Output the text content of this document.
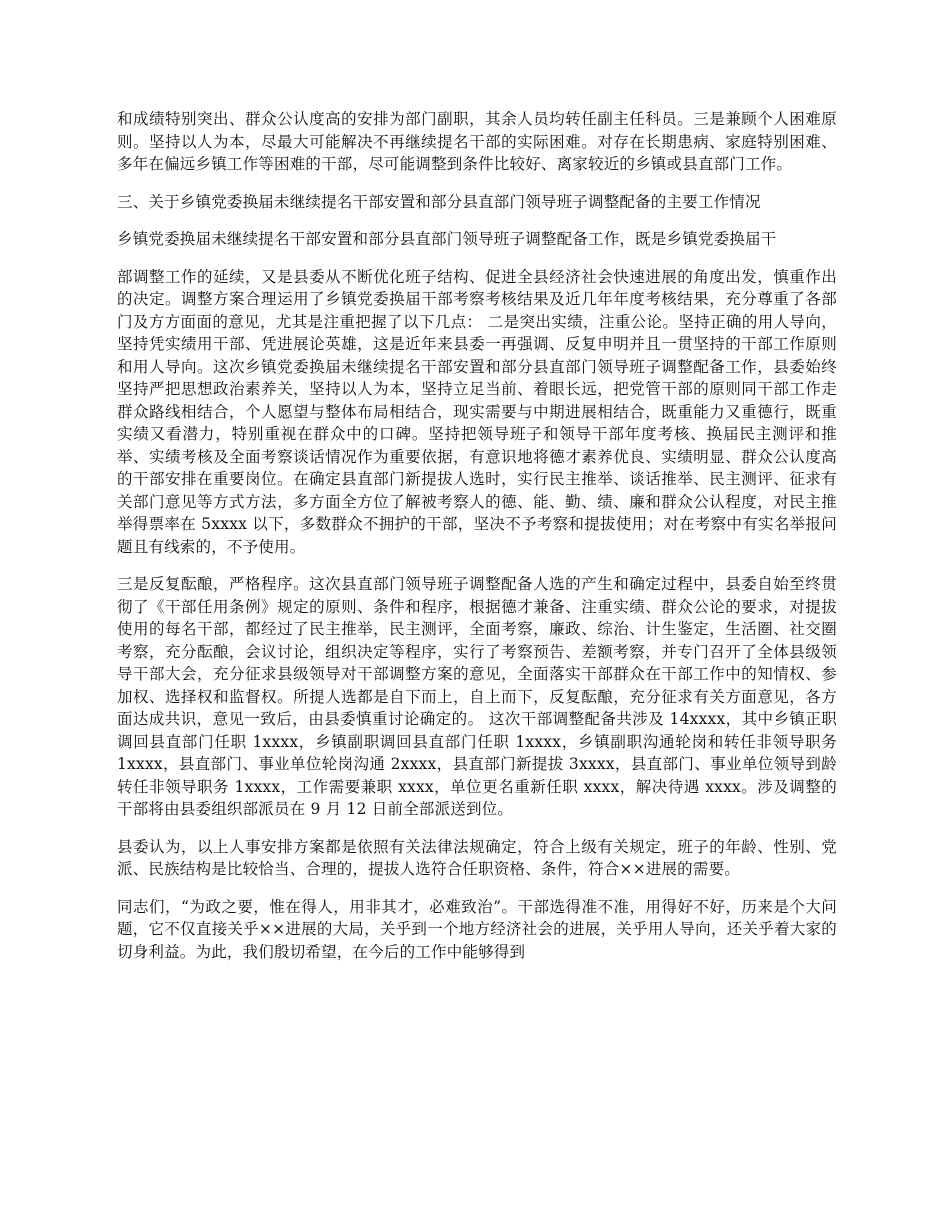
和成绩特别突出、群众公认度高的安排为部门副职，其余人员均转任副主任科员。三是兼顾个人困难原则。坚持以人为本，尽最大可能解决不再继续提名干部的实际困难。对存在长期患病、家庭特别困难、多年在偏远乡镇工作等困难的干部，尽可能调整到条件比较好、离家较近的乡镇或县直部门工作。

三、关于乡镇党委换届未继续提名干部安置和部分县直部门领导班子调整配备的主要工作情况

乡镇党委换届未继续提名干部安置和部分县直部门领导班子调整配备工作，既是乡镇党委换届干

部调整工作的延续，又是县委从不断优化班子结构、促进全县经济社会快速进展的角度出发，慎重作出的决定。调整方案合理运用了乡镇党委换届干部考察考核结果及近几年年度考核结果，充分尊重了各部门及方方面面的意见，尤其是注重把握了以下几点： 二是突出实绩，注重公论。坚持正确的用人导向，坚持凭实绩用干部、凭进展论英雄，这是近年来县委一再强调、反复申明并且一贯坚持的干部工作原则和用人导向。这次乡镇党委换届未继续提名干部安置和部分县直部门领导班子调整配备工作，县委始终坚持严把思想政治素养关，坚持以人为本，坚持立足当前、着眼长远，把党管干部的原则同干部工作走群众路线相结合，个人愿望与整体布局相结合，现实需要与中期进展相结合，既重能力又重德行，既重实绩又看潜力，特别重视在群众中的口碑。坚持把领导班子和领导干部年度考核、换届民主测评和推举、实绩考核及全面考察谈话情况作为重要依据，有意识地将德才素养优良、实绩明显、群众公认度高的干部安排在重要岗位。在确定县直部门新提拔人选时，实行民主推举、谈话推举、民主测评、征求有关部门意见等方式方法，多方面全方位了解被考察人的德、能、勤、绩、廉和群众公认程度，对民主推举得票率在 5xxxx 以下，多数群众不拥护的干部，坚决不予考察和提拔使用；对在考察中有实名举报问题且有线索的，不予使用。

三是反复酝酿，严格程序。这次县直部门领导班子调整配备人选的产生和确定过程中，县委自始至终贯彻了《干部任用条例》规定的原则、条件和程序，根据德才兼备、注重实绩、群众公论的要求，对提拔使用的每名干部，都经过了民主推举，民主测评，全面考察，廉政、综治、计生鉴定，生活圈、社交圈考察，充分酝酿，会议讨论，组织决定等程序，实行了考察预告、差额考察，并专门召开了全体县级领导干部大会，充分征求县级领导对干部调整方案的意见，全面落实干部群众在干部工作中的知情权、参加权、选择权和监督权。所提人选都是自下而上，自上而下，反复酝酿，充分征求有关方面意见，各方面达成共识，意见一致后，由县委慎重讨论确定的。 这次干部调整配备共涉及 14xxxx，其中乡镇正职调回县直部门任职 1xxxx，乡镇副职调回县直部门任职 1xxxx，乡镇副职沟通轮岗和转任非领导职务 1xxxx，县直部门、事业单位轮岗沟通 2xxxx，县直部门新提拔 3xxxx，县直部门、事业单位领导到龄转任非领导职务 1xxxx，工作需要兼职 xxxx，单位更名重新任职 xxxx，解决待遇 xxxx。涉及调整的干部将由县委组织部派员在 9 月 12 日前全部派送到位。

县委认为，以上人事安排方案都是依照有关法律法规确定，符合上级有关规定，班子的年龄、性别、党派、民族结构是比较恰当、合理的，提拔人选符合任职资格、条件，符合××进展的需要。

同志们，“为政之要，惟在得人，用非其才，必难致治”。干部选得准不准，用得好不好，历来是个大问题，它不仅直接关乎××进展的大局，关乎到一个地方经济社会的进展，关乎用人导向，还关乎着大家的切身利益。为此，我们殷切希望，在今后的工作中能够得到
